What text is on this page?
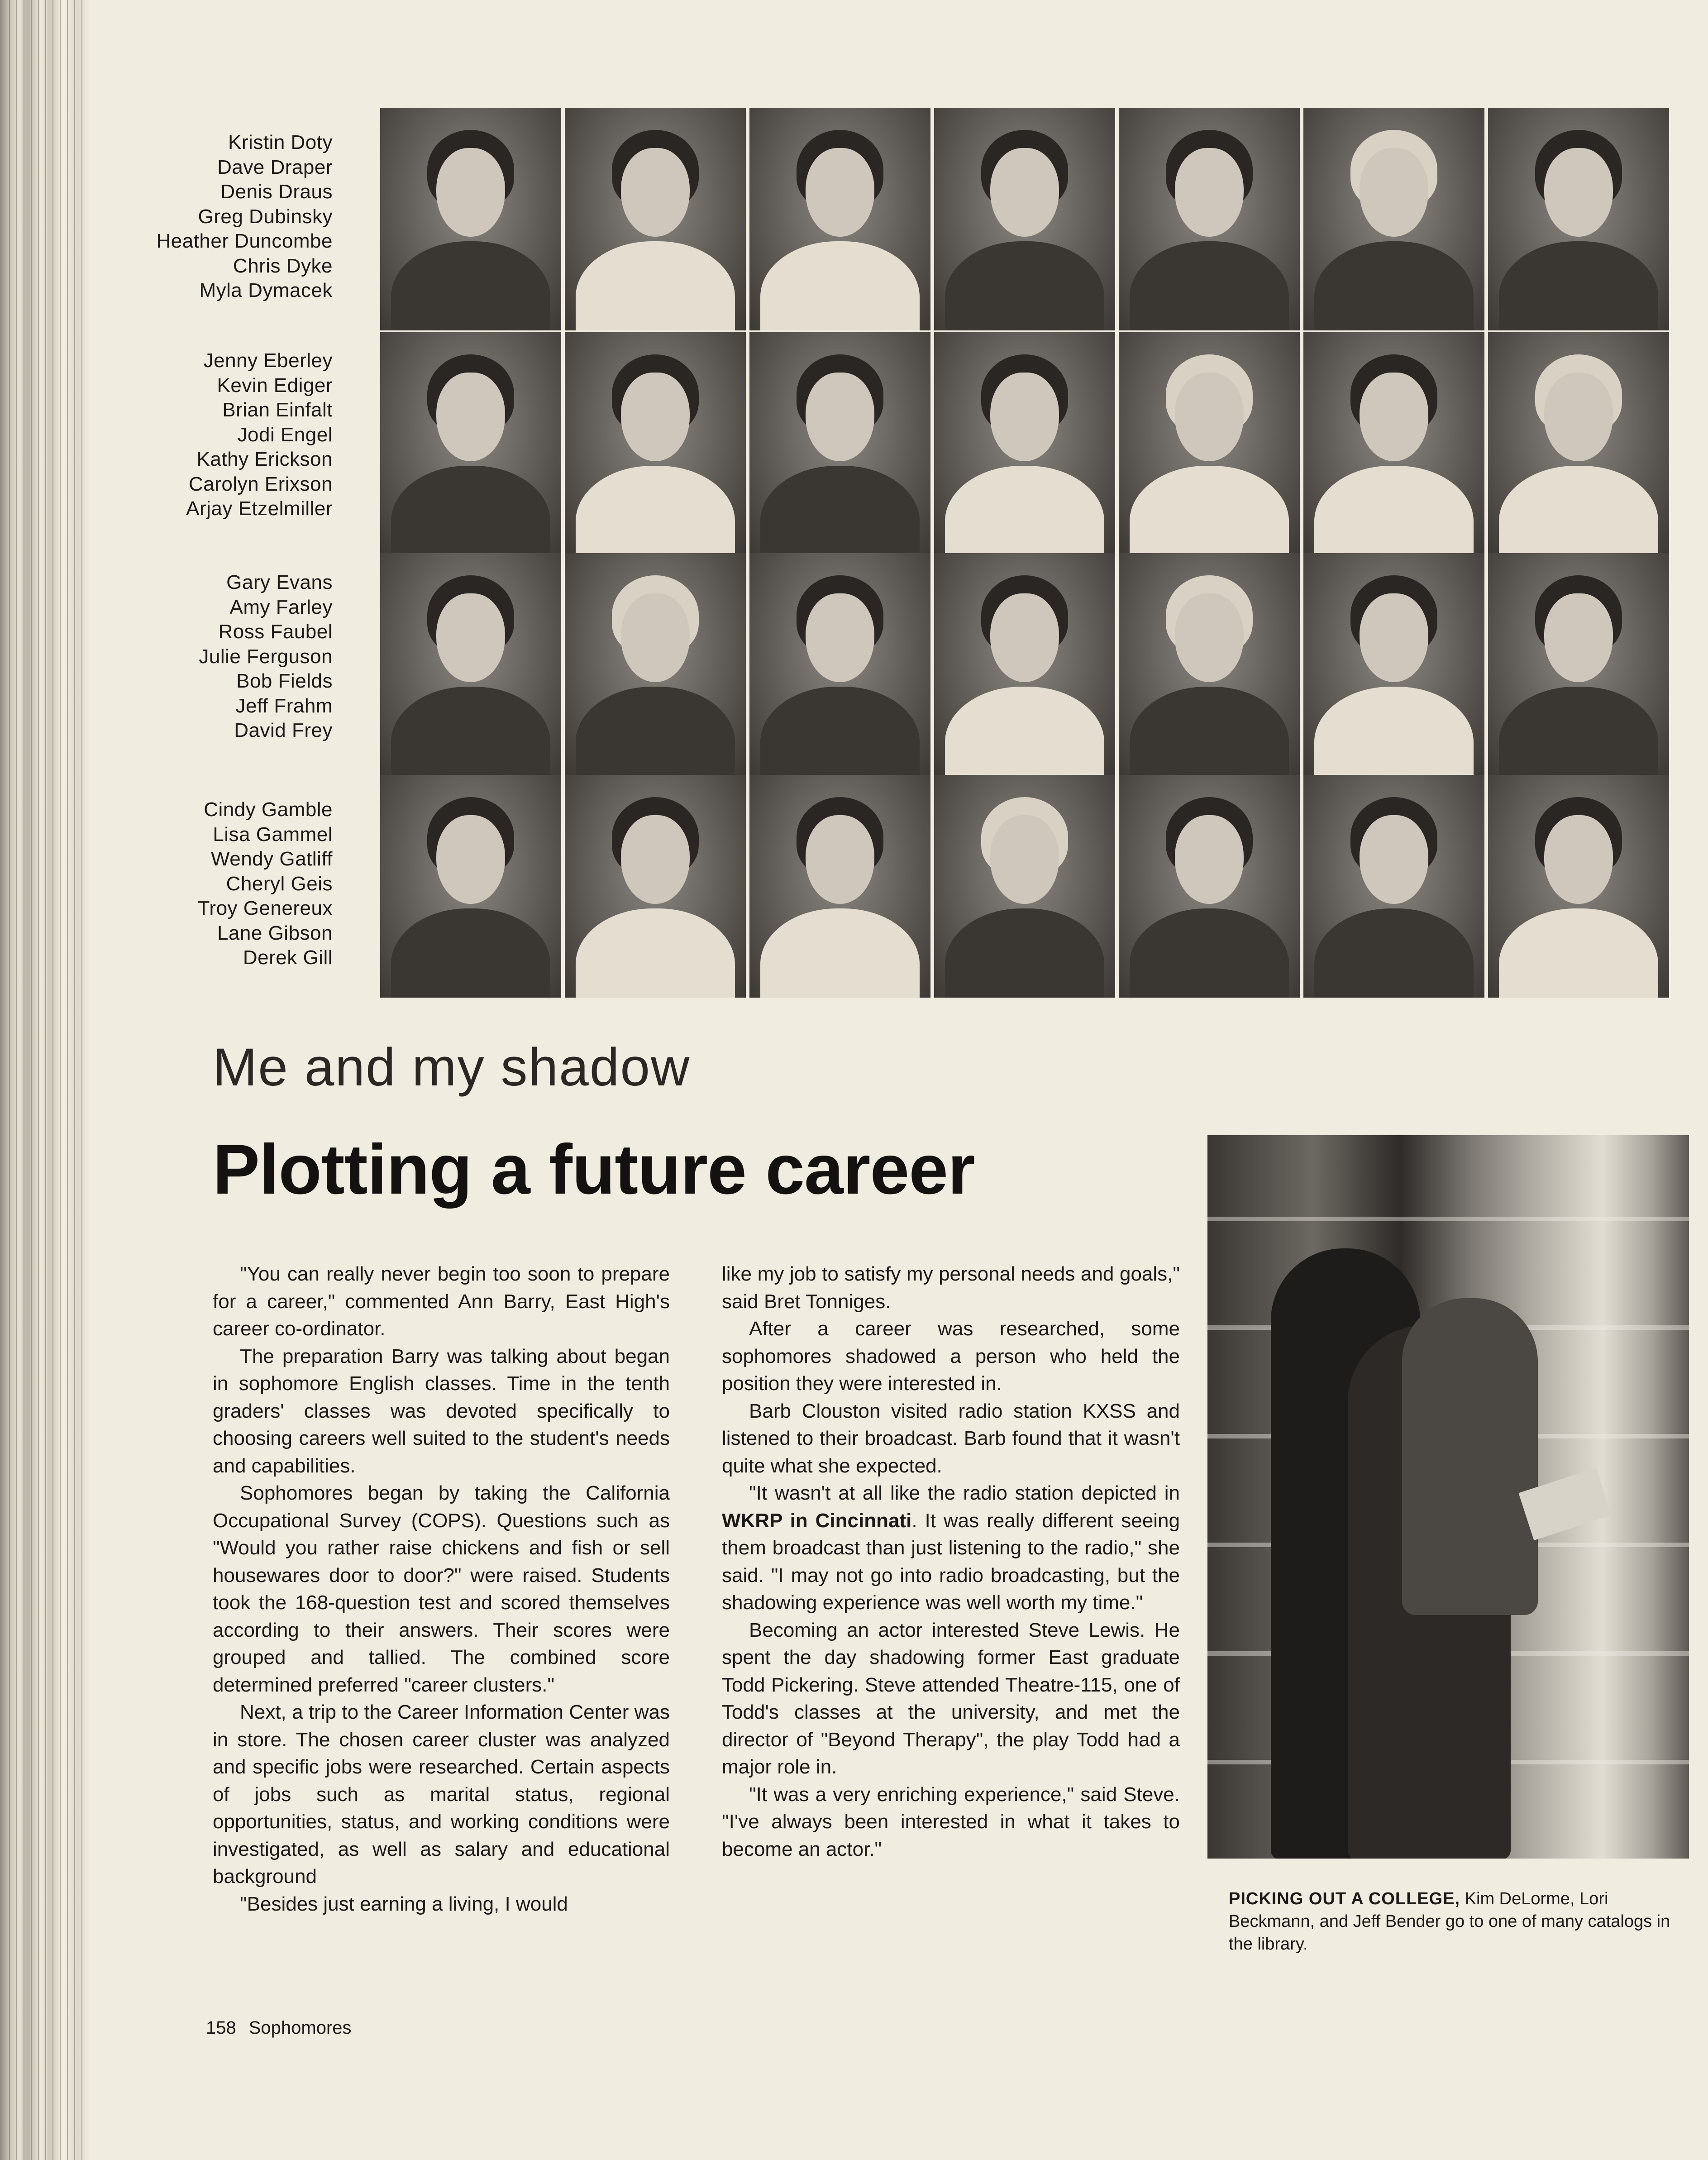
Kristin Doty
Dave Draper
Denis Draus
Greg Dubinsky
Heather Duncombe
Chris Dyke
Myla Dymacek
Jenny Eberley
Kevin Ediger
Brian Einfalt
Jodi Engel
Kathy Erickson
Carolyn Erixson
Arjay Etzelmiller
Gary Evans
Amy Farley
Ross Faubel
Julie Ferguson
Bob Fields
Jeff Frahm
David Frey
Cindy Gamble
Lisa Gammel
Wendy Gatliff
Cheryl Geis
Troy Genereux
Lane Gibson
Derek Gill
Me and my shadow
Plotting a future career

"You can really never begin too soon to prepare for a career," commented Ann Barry, East High's career co-ordinator.

The preparation Barry was talking about began in sophomore English classes. Time in the tenth graders' classes was devoted specifically to choosing careers well suited to the student's needs and capabilities.

Sophomores began by taking the California Occupational Survey (COPS). Questions such as "Would you rather raise chickens and fish or sell housewares door to door?" were raised. Students took the 168-question test and scored themselves according to their answers. Their scores were grouped and tallied. The combined score determined preferred "career clusters."

Next, a trip to the Career Information Center was in store. The chosen career cluster was analyzed and specific jobs were researched. Certain aspects of jobs such as marital status, regional opportunities, status, and working conditions were investigated, as well as salary and educational background

"Besides just earning a living, I would

like my job to satisfy my personal needs and goals," said Bret Tonniges.

After a career was researched, some sophomores shadowed a person who held the position they were interested in.

Barb Clouston visited radio station KXSS and listened to their broadcast. Barb found that it wasn't quite what she expected.

"It wasn't at all like the radio station depicted in WKRP in Cincinnati. It was really different seeing them broadcast than just listening to the radio," she said. "I may not go into radio broadcasting, but the shadowing experience was well worth my time."

Becoming an actor interested Steve Lewis. He spent the day shadowing former East graduate Todd Pickering. Steve attended Theatre-115, one of Todd's classes at the university, and met the director of "Beyond Therapy", the play Todd had a major role in.

"It was a very enriching experience," said Steve. "I've always been interested in what it takes to become an actor."

PICKING OUT A COLLEGE, Kim DeLorme, Lori Beckmann, and Jeff Bender go to one of many catalogs in the library.
158 Sophomores
